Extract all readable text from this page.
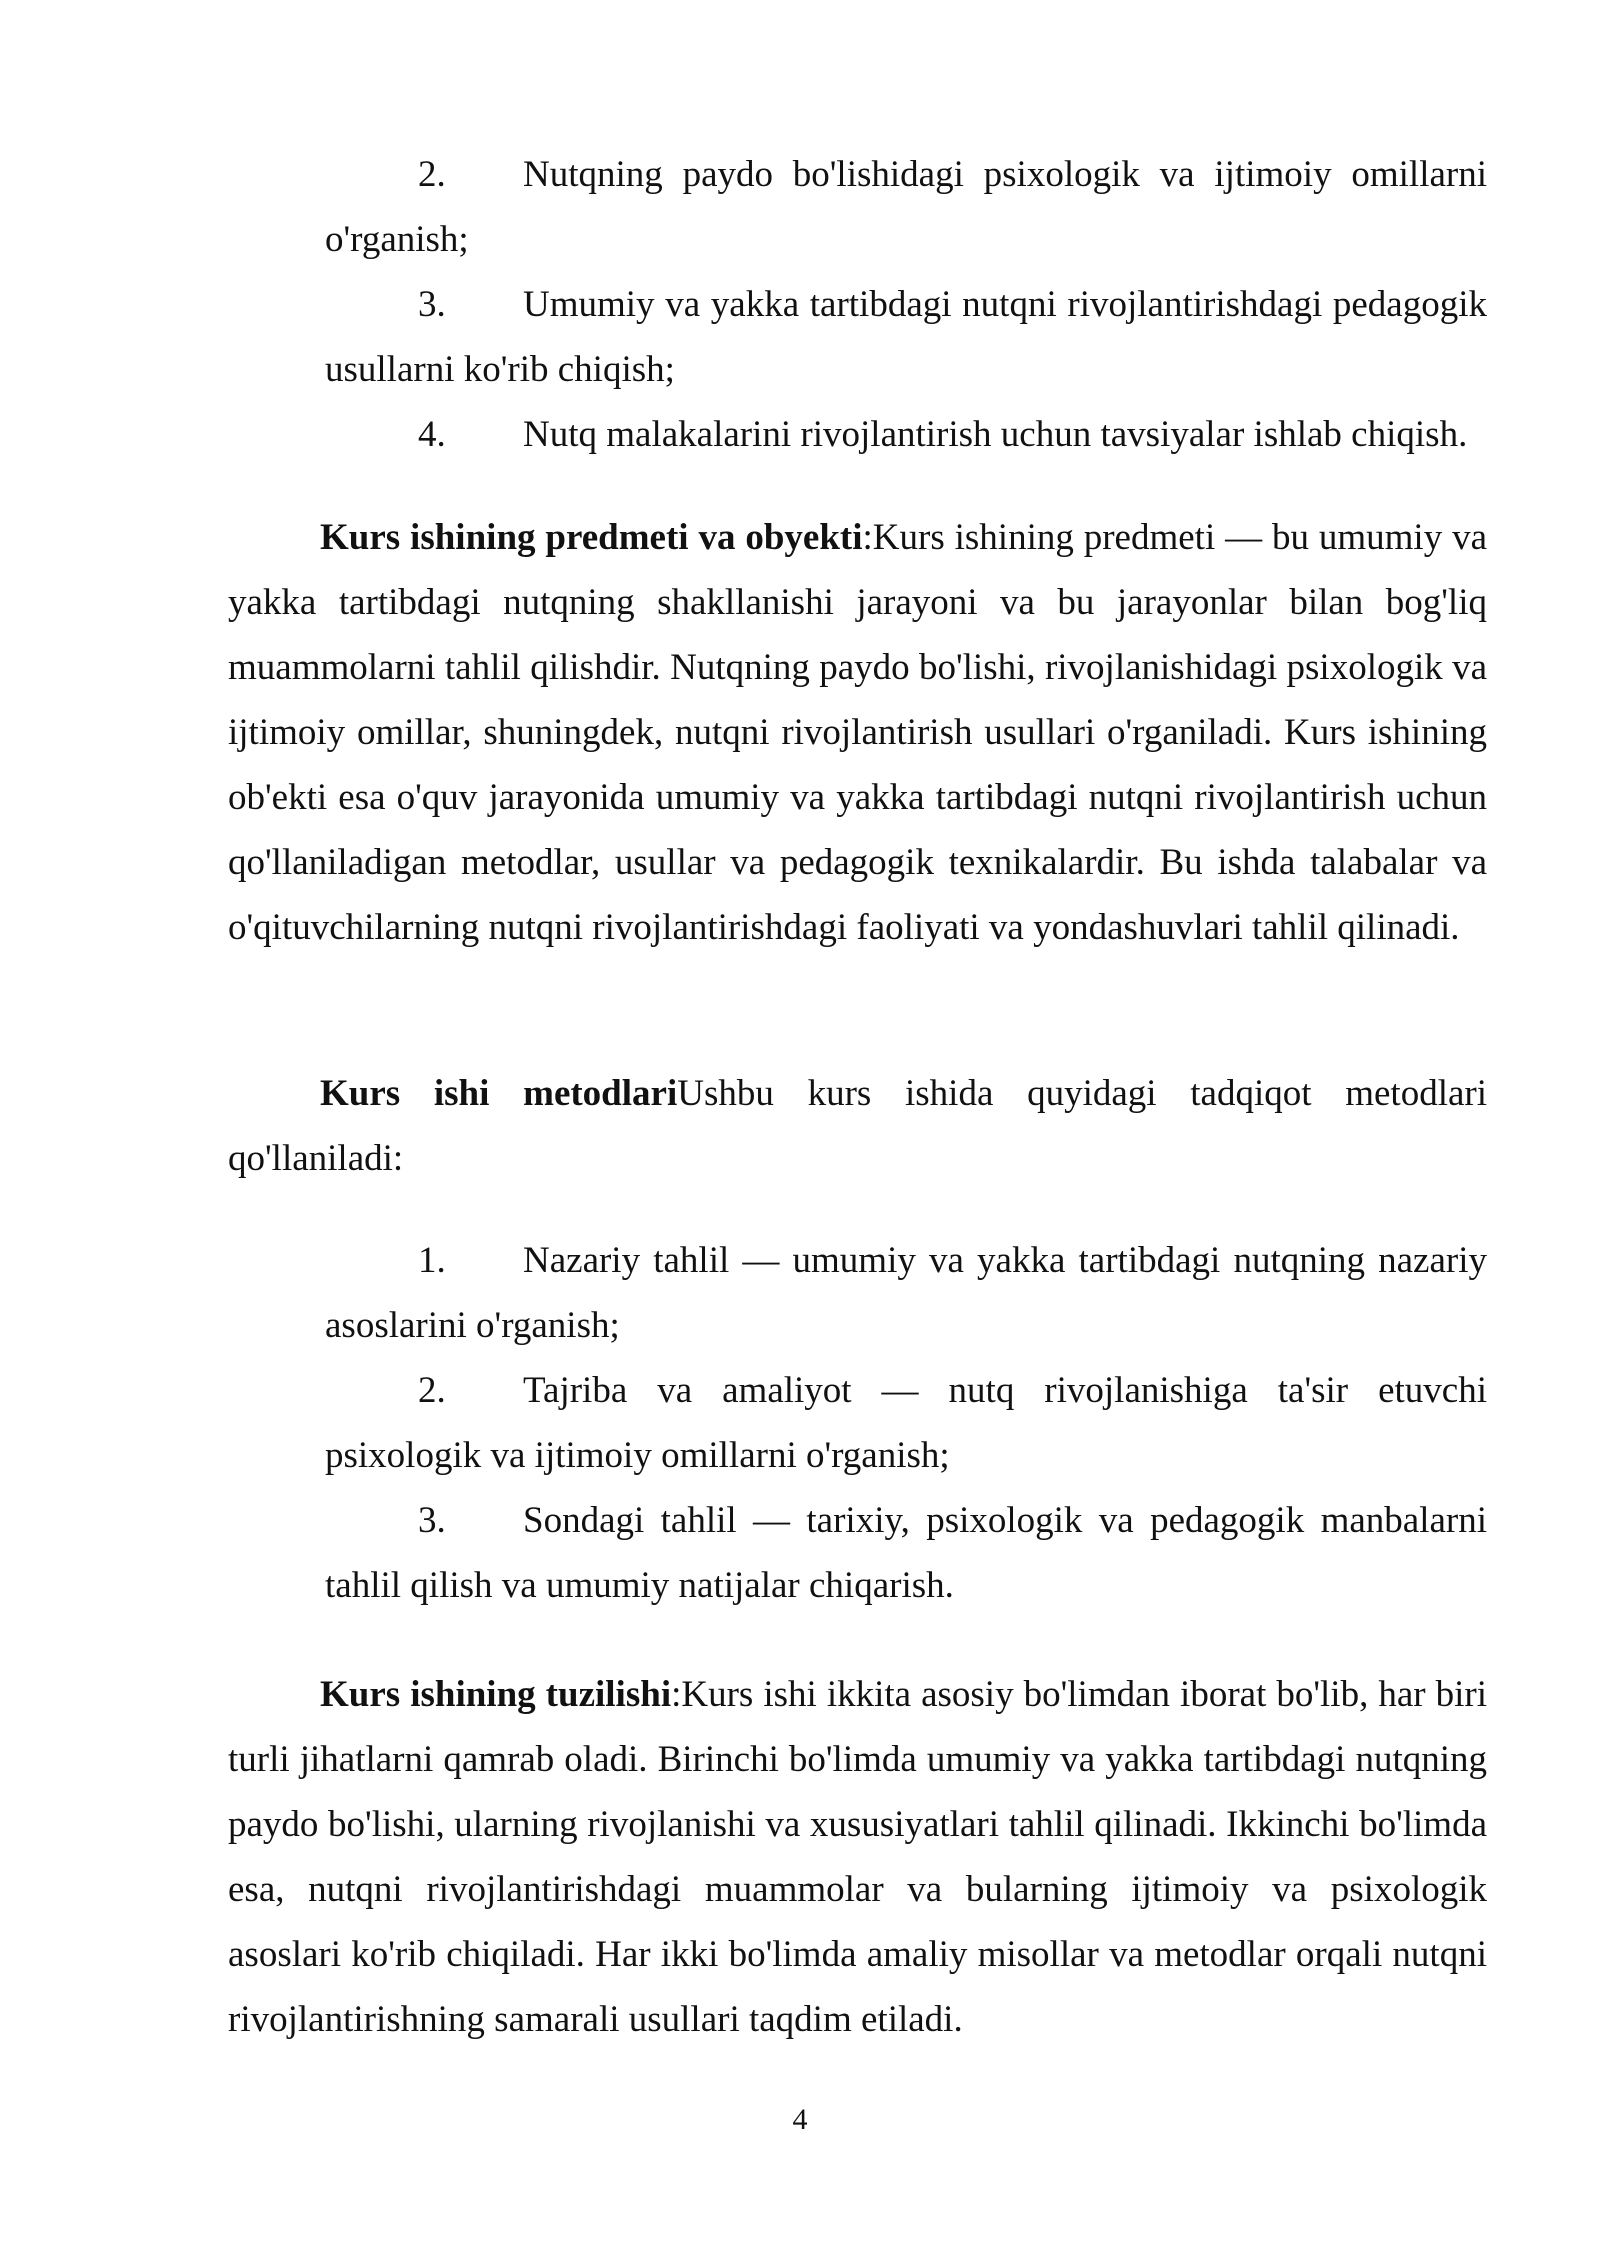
2. Nutqning paydo bo'lishidagi psixologik va ijtimoiy omillarni o'rganish;
3. Umumiy va yakka tartibdagi nutqni rivojlantirishdagi pedagogik usullarni ko'rib chiqish;
4. Nutq malakalarini rivojlantirish uchun tavsiyalar ishlab chiqish.
Kurs ishining predmeti va obyekti:Kurs ishining predmeti — bu umumiy va yakka tartibdagi nutqning shakllanishi jarayoni va bu jarayonlar bilan bog'liq muammolarni tahlil qilishdir. Nutqning paydo bo'lishi, rivojlanishidagi psixologik va ijtimoiy omillar, shuningdek, nutqni rivojlantirish usullari o'rganiladi. Kurs ishining ob'ekti esa o'quv jarayonida umumiy va yakka tartibdagi nutqni rivojlantirish uchun qo'llaniladigan metodlar, usullar va pedagogik texnikalardir. Bu ishda talabalar va o'qituvchilarning nutqni rivojlantirishdagi faoliyati va yondashuvlari tahlil qilinadi.
Kurs ishi metodlariUshbu kurs ishida quyidagi tadqiqot metodlari qo'llaniladi:
1. Nazariy tahlil — umumiy va yakka tartibdagi nutqning nazariy asoslarini o'rganish;
2. Tajriba va amaliyot — nutq rivojlanishiga ta'sir etuvchi psixologik va ijtimoiy omillarni o'rganish;
3. Sondagi tahlil — tarixiy, psixologik va pedagogik manbalarni tahlil qilish va umumiy natijalar chiqarish.
Kurs ishining tuzilishi:Kurs ishi ikkita asosiy bo'limdan iborat bo'lib, har biri turli jihatlarni qamrab oladi. Birinchi bo'limda umumiy va yakka tartibdagi nutqning paydo bo'lishi, ularning rivojlanishi va xususiyatlari tahlil qilinadi. Ikkinchi bo'limda esa, nutqni rivojlantirishdagi muammolar va bularning ijtimoiy va psixologik asoslari ko'rib chiqiladi. Har ikki bo'limda amaliy misollar va metodlar orqali nutqni rivojlantirishning samarali usullari taqdim etiladi.
4
